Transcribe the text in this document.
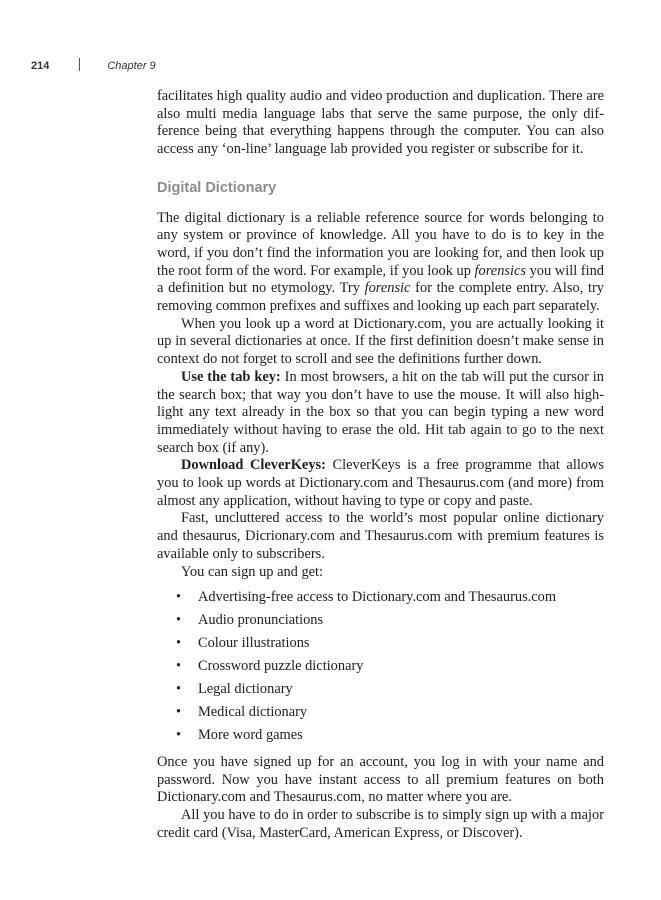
214	Chapter 9

facilitates high quality audio and video production and duplication. There are also multi media language labs that serve the same purpose, the only difference being that everything happens through the computer. You can also access any ‘on-line’ language lab provided you register or subscribe for it.

Digital Dictionary

The digital dictionary is a reliable reference source for words belonging to any system or province of knowledge. All you have to do is to key in the word, if you don’t find the information you are looking for, and then look up the root form of the word. For example, if you look up forensics you will find a definition but no etymology. Try forensic for the complete entry. Also, try removing common prefixes and suffixes and looking up each part separately.

When you look up a word at Dictionary.com, you are actually looking it up in several dictionaries at once. If the first definition doesn’t make sense in context do not forget to scroll and see the definitions further down.

Use the tab key: In most browsers, a hit on the tab will put the cursor in the search box; that way you don’t have to use the mouse. It will also highlight any text already in the box so that you can begin typing a new word immediately without having to erase the old. Hit tab again to go to the next search box (if any).

Download CleverKeys: CleverKeys is a free programme that allows you to look up words at Dictionary.com and Thesaurus.com (and more) from almost any application, without having to type or copy and paste.

Fast, uncluttered access to the world’s most popular online dictionary and thesaurus, Dicrionary.com and Thesaurus.com with premium features is available only to subscribers.

You can sign up and get:

• Advertising-free access to Dictionary.com and Thesaurus.com
• Audio pronunciations
• Colour illustrations
• Crossword puzzle dictionary
• Legal dictionary
• Medical dictionary
• More word games

Once you have signed up for an account, you log in with your name and password. Now you have instant access to all premium features on both Dictionary.com and Thesaurus.com, no matter where you are.

All you have to do in order to subscribe is to simply sign up with a major credit card (Visa, MasterCard, American Express, or Discover).
